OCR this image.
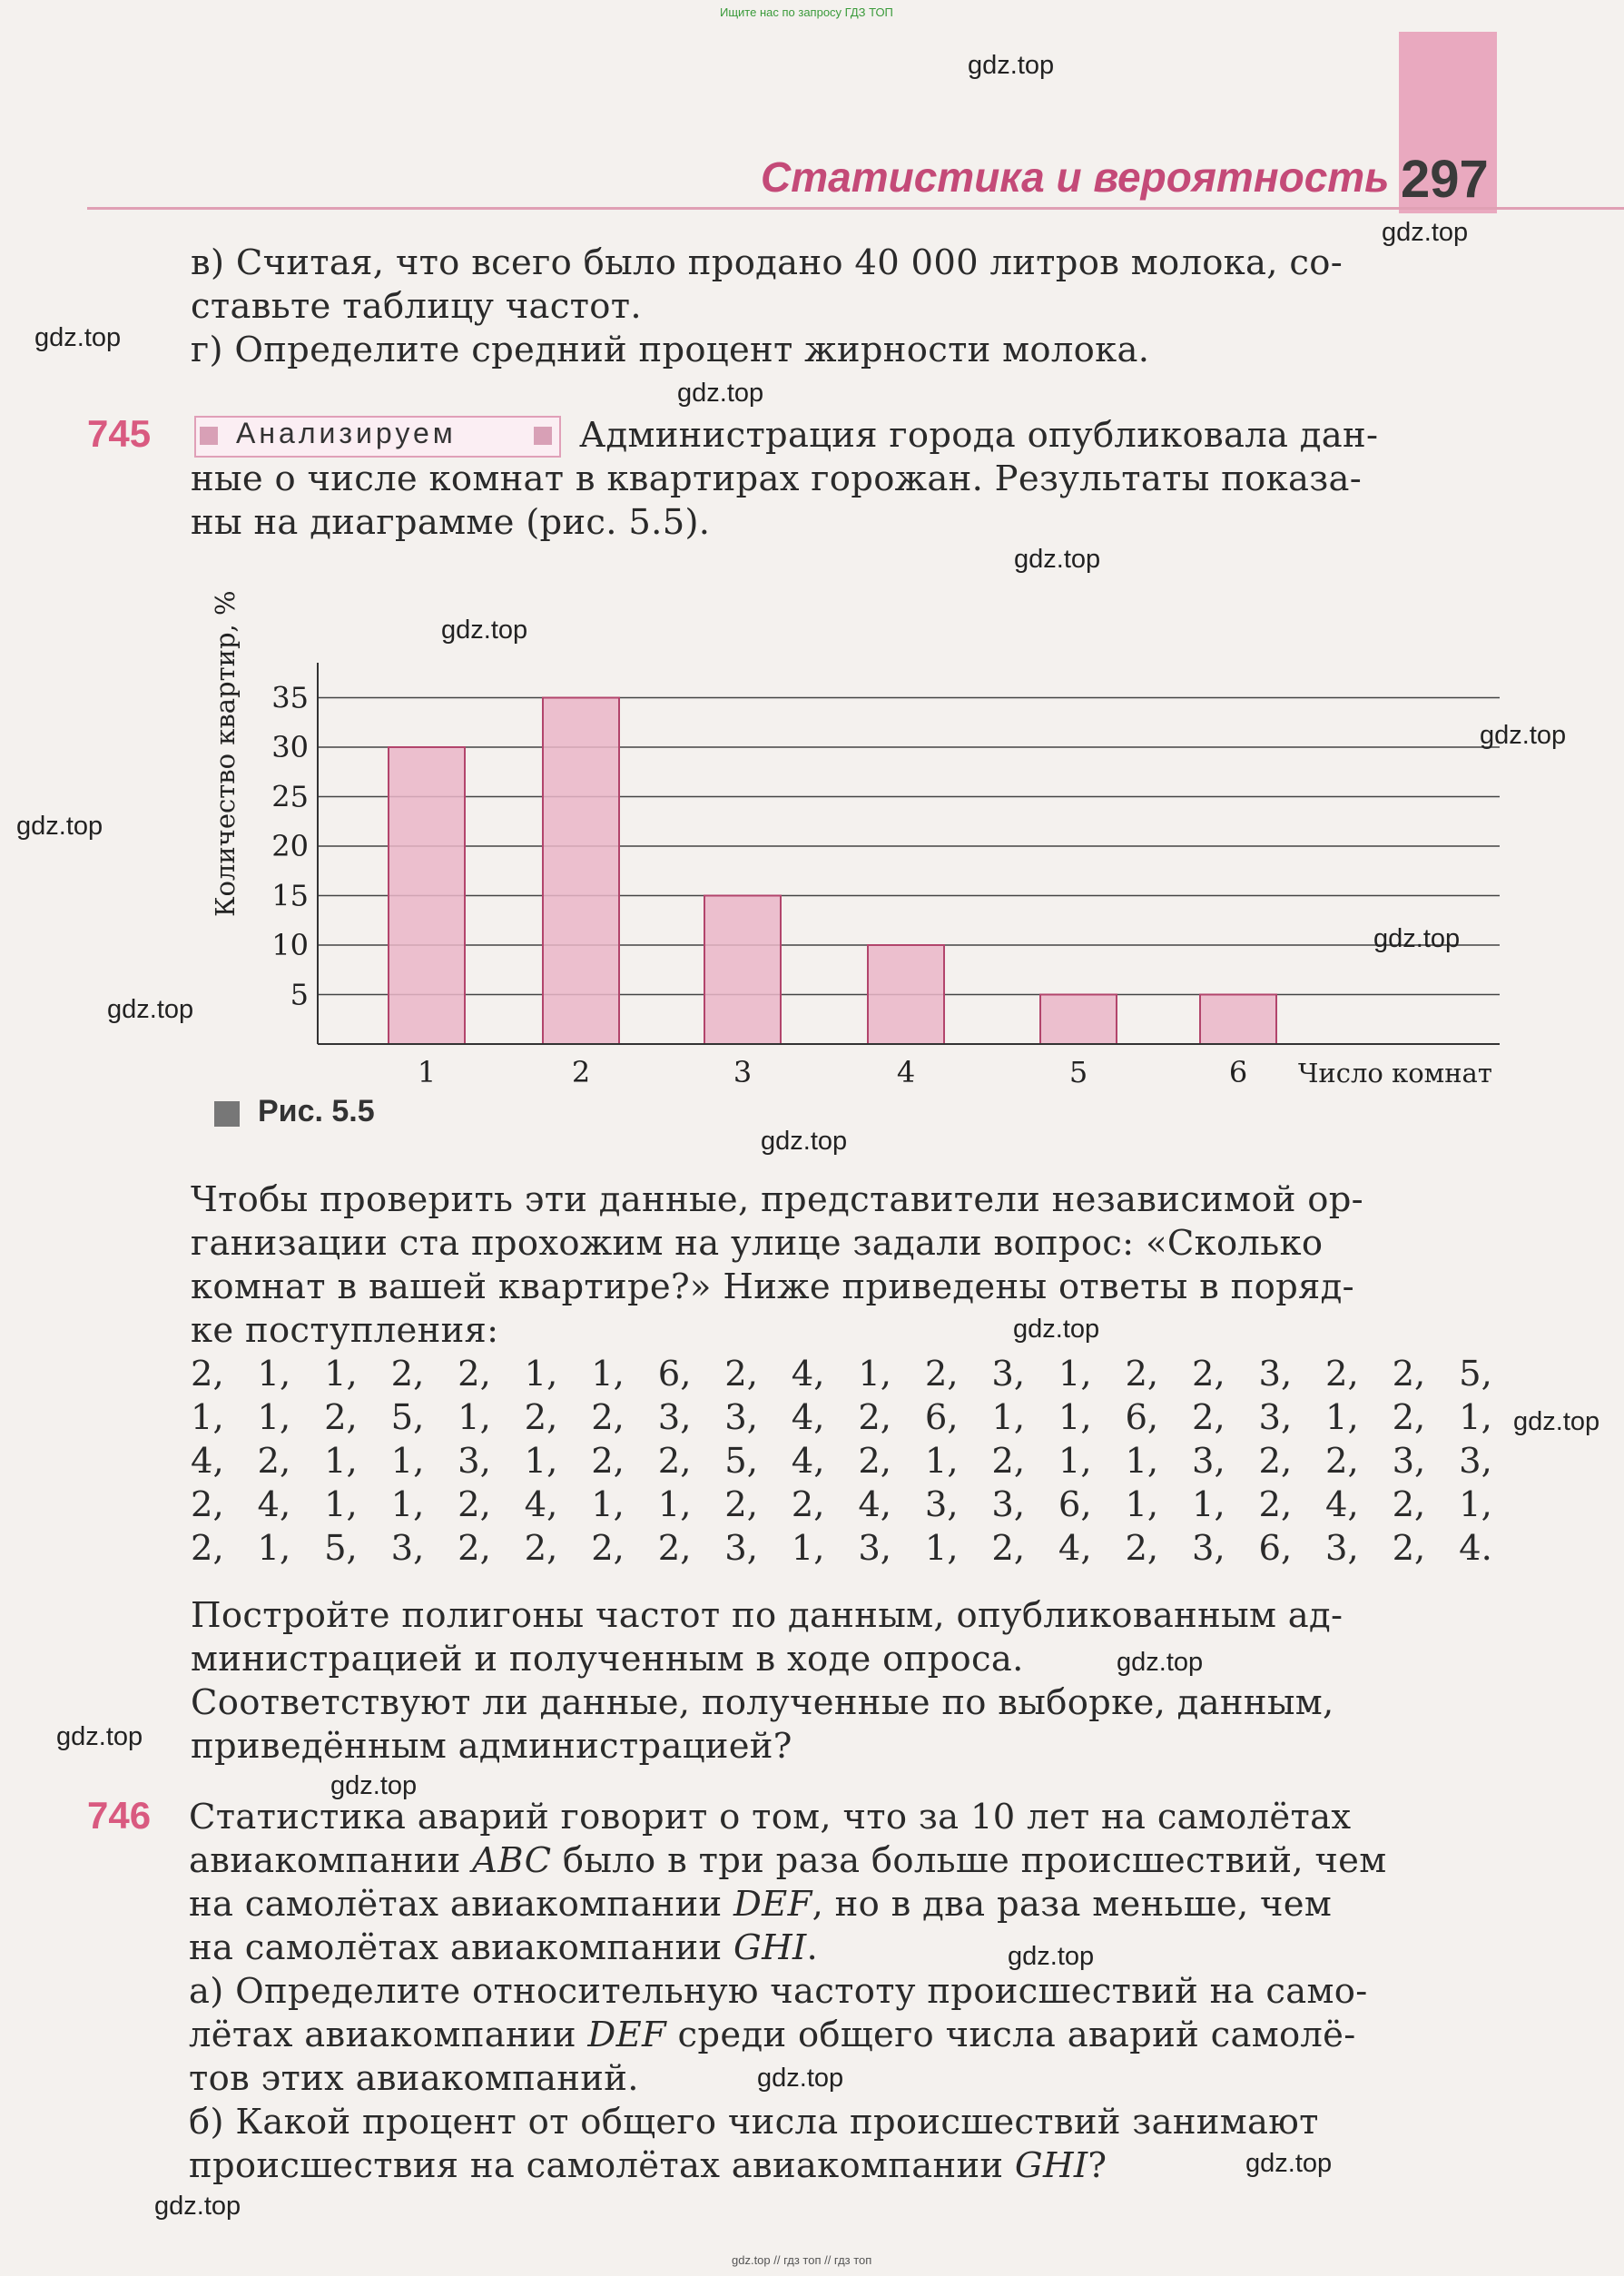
Ищите нас по запросу ГДЗ ТОП
Статистика и вероятность 297
в) Считая, что всего было продано 40 000 литров молока, со-
ставьте таблицу частот.
г) Определите средний процент жирности молока.
745	Анализируем	Администрация города опубликовала дан-
ные о числе комнат в квартирах горожан. Результаты показа-
ны на диаграмме (рис. 5.5).
5
10
15
20
25
30
35
1	2	3	4	5	6
Количество квартир, %
Число комнат
Рис. 5.5
Чтобы проверить эти данные, представители независимой ор-
ганизации ста прохожим на улице задали вопрос: «Сколько
комнат в вашей квартире?» Ниже приведены ответы в поряд-
ке поступления:
2, 1, 1, 2, 2, 1, 1, 6, 2, 4, 1, 2, 3, 1, 2, 2, 3, 2, 2, 5,
1, 1, 2, 5, 1, 2, 2, 3, 3, 4, 2, 6, 1, 1, 6, 2, 3, 1, 2, 1,
4, 2, 1, 1, 3, 1, 2, 2, 5, 4, 2, 1, 2, 1, 1, 3, 2, 2, 3, 3,
2, 4, 1, 1, 2, 4, 1, 1, 2, 2, 4, 3, 3, 6, 1, 1, 2, 4, 2, 1,
2, 1, 5, 3, 2, 2, 2, 2, 3, 1, 3, 1, 2, 4, 2, 3, 6, 3, 2, 4.
Постройте полигоны частот по данным, опубликованным ад-
министрацией и полученным в ходе опроса.
Соответствуют ли данные, полученные по выборке, данным,
приведённым администрацией?
746 Статистика аварий говорит о том, что за 10 лет на самолётах
авиакомпании ABC было в три раза больше происшествий, чем
на самолётах авиакомпании DEF, но в два раза меньше, чем
на самолётах авиакомпании GHI.
а) Определите относительную частоту происшествий на само-
лётах авиакомпании DEF среди общего числа аварий самолё-
тов этих авиакомпаний.
б) Какой процент от общего числа происшествий занимают
происшествия на самолётах авиакомпании GHI?
gdz.top
gdz.top
gdz.top
gdz.top
gdz.top
gdz.top
gdz.top
gdz.top
gdz.top
gdz.top
gdz.top
gdz.top
gdz.top
gdz.top
gdz.top
gdz.top
gdz.top
gdz.top
gdz.top
gdz.top
gdz.top // гдз топ // гдз топ
